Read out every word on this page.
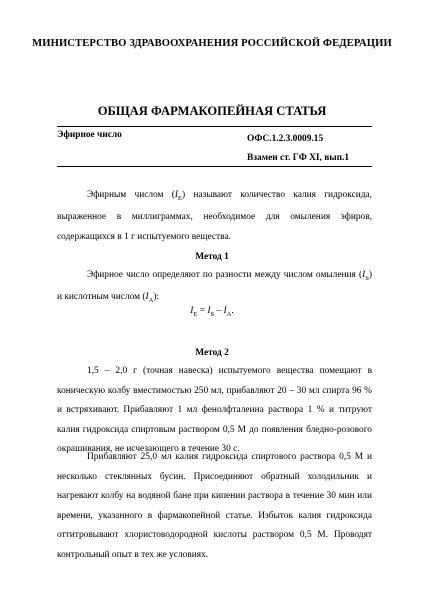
МИНИСТЕРСТВО ЗДРАВООХРАНЕНИЯ РОССИЙСКОЙ ФЕДЕРАЦИИ
ОБЩАЯ ФАРМАКОПЕЙНАЯ СТАТЬЯ
Эфирное число	ОФС.1.2.3.0009.15
Взамен ст. ГФ XI, вып.1

Эфирным числом $(I_Е)$ называют количество калия гидроксида, выраженное в миллиграммах, необходимое для омыления эфиров, содержащихся в 1 г испытуемого вещества.

Метод 1

Эфирное число определяют по разности между числом омыления $(I_S)$ и кислотным числом $(I_A)$:

$I_E = I_S - I_A$.
Метод 2

1,5 – 2,0 г (точная навеска) испытуемого вещества помещают в коническую колбу вместимостью 250 мл, прибавляют 20 – 30 мл спирта 96 % и встряхивают. Прибавляют 1 мл фенолфталеина раствора 1 % и титруют калия гидроксида спиртовым раствором 0,5 М до появления бледно-розового окрашивания, не исчезающего в течение 30 с.

Прибавляют 25,0 мл калия гидроксида спиртового раствора 0,5 М и несколько стеклянных бусин. Присоединяют обратный холодильник и нагревают колбу на водяной бане при кипении раствора в течение 30 мин или времени, указанного в фармакопейной статье. Избыток калия гидроксида оттитровывают хлористоводородной кислоты раствором 0,5 М. Проводят контрольный опыт в тех же условиях.
